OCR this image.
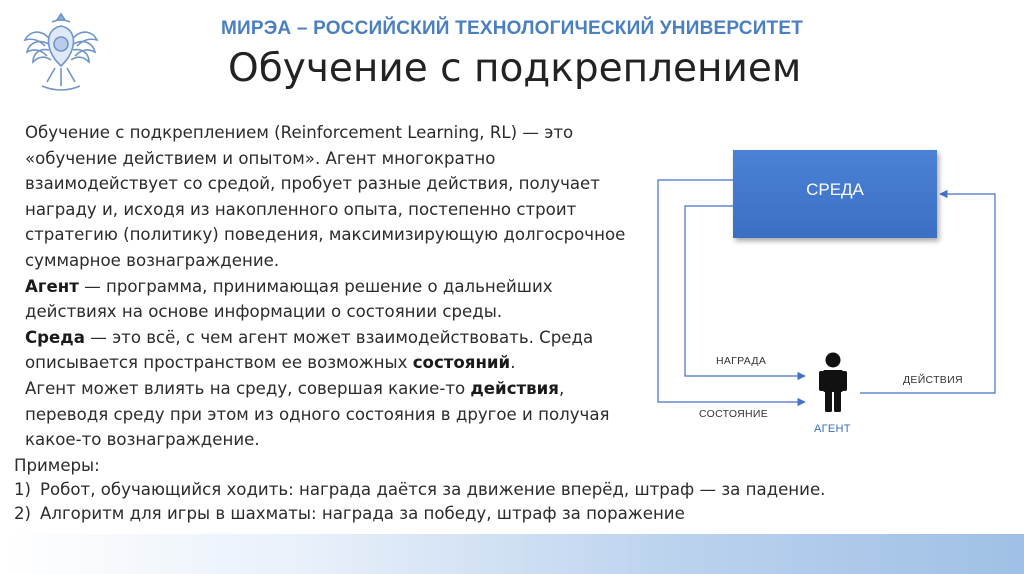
МИРЭА – РОССИЙСКИЙ ТЕХНОЛОГИЧЕСКИЙ УНИВЕРСИТЕТ
Обучение с подкреплением

Обучение с подкреплением (Reinforcement Learning, RL) — это «обучение действием и опытом». Агент многократно взаимодействует со средой, пробует разные действия, получает награду и, исходя из накопленного опыта, постепенно строит стратегию (политику) поведения, максимизирующую долгосрочное суммарное вознаграждение.

Агент — программа, принимающая решение о дальнейших действиях на основе информации о состоянии среды.

Среда — это всё, с чем агент может взаимодействовать. Среда описывается пространством ее возможных состояний.

Агент может влиять на среду, совершая какие-то действия, переводя среду при этом из одного состояния в другое и получая какое-то вознаграждение.

Примеры:

1) Робот, обучающийся ходить: награда даётся за движение вперёд, штраф — за падение.

2) Алгоритм для игры в шахматы: награда за победу, штраф за поражение

СРЕДА
НАГРАДА
СОСТОЯНИЕ
ДЕЙСТВИЯ
АГЕНТ
